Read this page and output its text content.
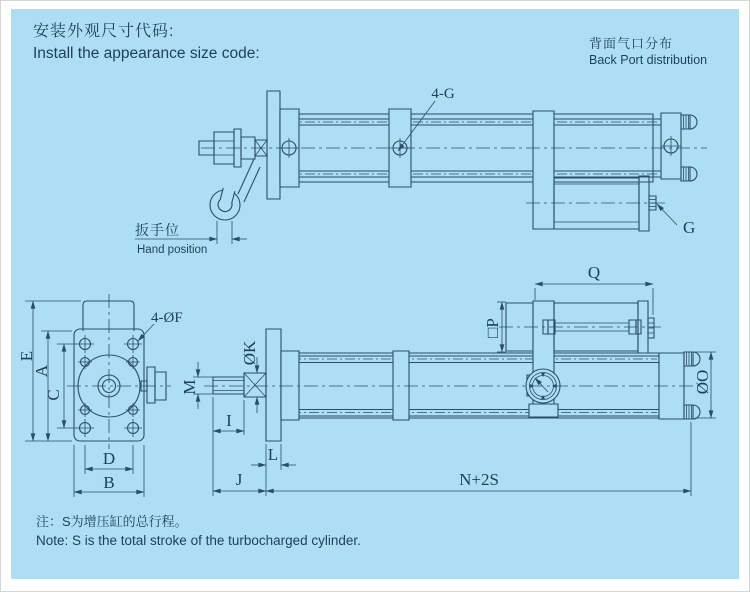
安装外观尺寸代码:
Install the appearance size code:
背面气口分布
Back Port distribution
4-G
G
扳手位
Hand position
4-ØF
E
A
C
D
B
M
ØK
I
L
J	N+2S
Q
□P
ØO
注：S为增压缸的总行程。
Note: S is the total stroke of the turbocharged cylinder.
